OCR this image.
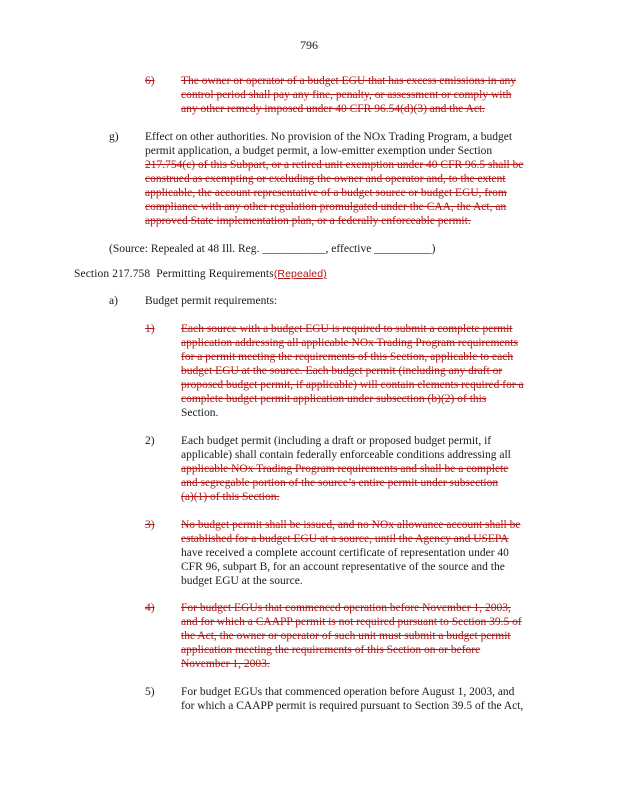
796
6)	The owner or operator of a budget EGU that has excess emissions in any
control period shall pay any fine, penalty, or assessment or comply with
any other remedy imposed under 40 CFR 96.54(d)(3) and the Act.
g)	Effect on other authorities. No provision of the NOx Trading Program, a budget
permit application, a budget permit, a low-emitter exemption under Section
217.754(c) of this Subpart, or a retired unit exemption under 40 CFR 96.5 shall be
construed as exempting or excluding the owner and operator and, to the extent
applicable, the account representative of a budget source or budget EGU, from
compliance with any other regulation promulgated under the CAA, the Act, an
approved State implementation plan, or a federally enforceable permit.
(Source: Repealed at 48 Ill. Reg. ___________, effective __________)
Section 217.758 Permitting Requirements(Repealed)
a)	Budget permit requirements:
1)	Each source with a budget EGU is required to submit a complete permit
application addressing all applicable NOx Trading Program requirements
for a permit meeting the requirements of this Section, applicable to each
budget EGU at the source. Each budget permit (including any draft or
proposed budget permit, if applicable) will contain elements required for a
complete budget permit application under subsection (b)(2) of this
Section.
2)	Each budget permit (including a draft or proposed budget permit, if
applicable) shall contain federally enforceable conditions addressing all
applicable NOx Trading Program requirements and shall be a complete
and segregable portion of the source’s entire permit under subsection
(a)(1) of this Section.
3)	No budget permit shall be issued, and no NOx allowance account shall be
established for a budget EGU at a source, until the Agency and USEPA
have received a complete account certificate of representation under 40
CFR 96, subpart B, for an account representative of the source and the
budget EGU at the source.
4)	For budget EGUs that commenced operation before November 1, 2003,
and for which a CAAPP permit is not required pursuant to Section 39.5 of
the Act, the owner or operator of such unit must submit a budget permit
application meeting the requirements of this Section on or before
November 1, 2003.
5)	For budget EGUs that commenced operation before August 1, 2003, and
for which a CAAPP permit is required pursuant to Section 39.5 of the Act,
